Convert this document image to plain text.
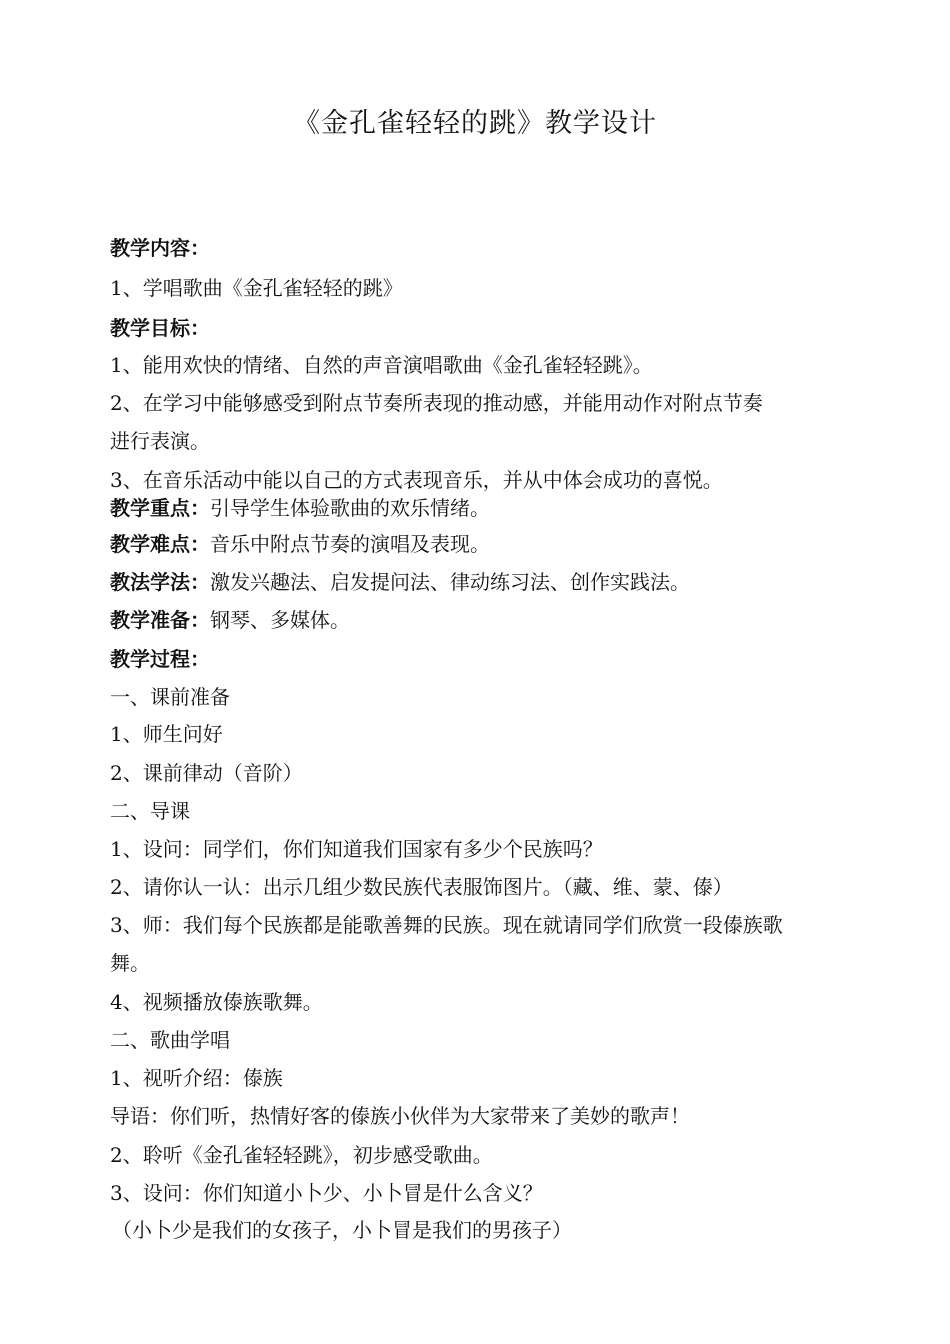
《金孔雀轻轻的跳》教学设计
教学内容：
1、学唱歌曲《金孔雀轻轻的跳》
教学目标：
1、能用欢快的情绪、自然的声音演唱歌曲《金孔雀轻轻跳》。
2、在学习中能够感受到附点节奏所表现的推动感，并能用动作对附点节奏
进行表演。
3、在音乐活动中能以自己的方式表现音乐，并从中体会成功的喜悦。
教学重点：引导学生体验歌曲的欢乐情绪。
教学难点：音乐中附点节奏的演唱及表现。
教法学法：激发兴趣法、启发提问法、律动练习法、创作实践法。
教学准备：钢琴、多媒体。
教学过程：
一、课前准备
1、师生问好
2、课前律动（音阶）
二、导课
1、设问：同学们，你们知道我们国家有多少个民族吗？
2、请你认一认：出示几组少数民族代表服饰图片。（藏、维、蒙、傣）
3、师：我们每个民族都是能歌善舞的民族。现在就请同学们欣赏一段傣族歌
舞。
4、视频播放傣族歌舞。
二、歌曲学唱
1、视听介绍：傣族
导语：你们听，热情好客的傣族小伙伴为大家带来了美妙的歌声！
2、聆听《金孔雀轻轻跳》，初步感受歌曲。
3、设问：你们知道小卜少、小卜冒是什么含义？
（小卜少是我们的女孩子，小卜冒是我们的男孩子）
